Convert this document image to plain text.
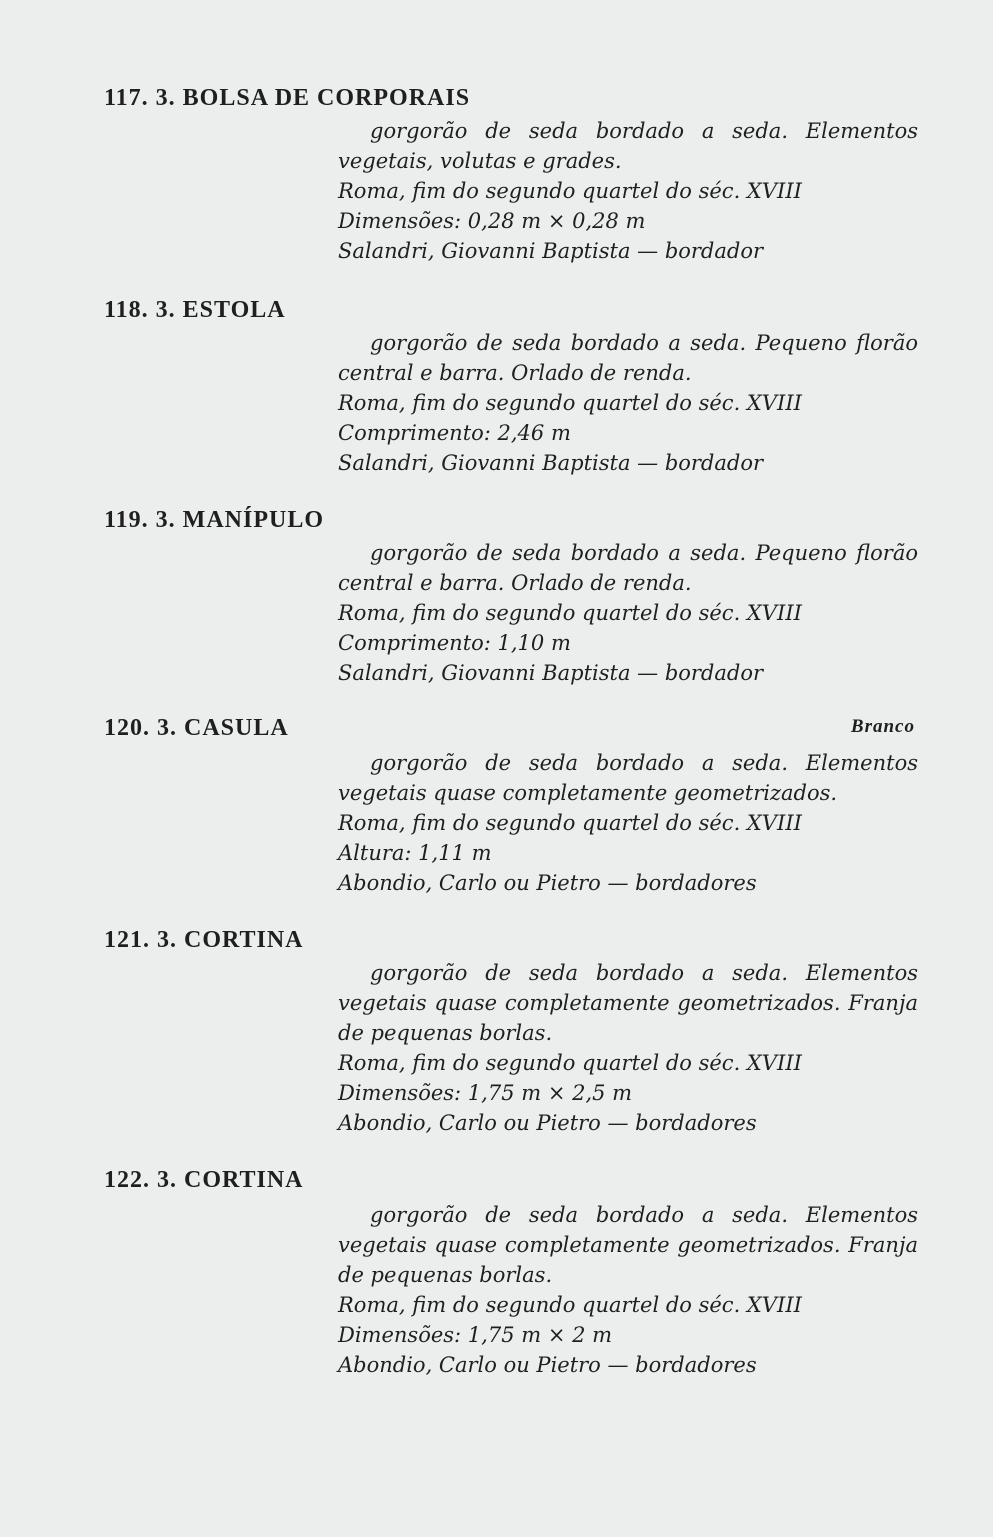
117. 3. BOLSA DE CORPORAIS
gorgorão de seda bordado a seda. Elementos vegetais, volutas e grades.
Roma, fim do segundo quartel do séc. XVIII
Dimensões: 0,28 m × 0,28 m
Salandri, Giovanni Baptista — bordador
118. 3. ESTOLA
gorgorão de seda bordado a seda. Pequeno florão central e barra. Orlado de renda.
Roma, fim do segundo quartel do séc. XVIII
Comprimento: 2,46 m
Salandri, Giovanni Baptista — bordador
119. 3. MANÍPULO
gorgorão de seda bordado a seda. Pequeno florão central e barra. Orlado de renda.
Roma, fim do segundo quartel do séc. XVIII
Comprimento: 1,10 m
Salandri, Giovanni Baptista — bordador
120. 3. CASULA	Branco
gorgorão de seda bordado a seda. Elementos vegetais quase completamente geometrizados.
Roma, fim do segundo quartel do séc. XVIII
Altura: 1,11 m
Abondio, Carlo ou Pietro — bordadores
121. 3. CORTINA
gorgorão de seda bordado a seda. Elementos vegetais quase completamente geometrizados. Franja de pequenas borlas.
Roma, fim do segundo quartel do séc. XVIII
Dimensões: 1,75 m × 2,5 m
Abondio, Carlo ou Pietro — bordadores
122. 3. CORTINA
gorgorão de seda bordado a seda. Elementos vegetais quase completamente geometrizados. Franja de pequenas borlas.
Roma, fim do segundo quartel do séc. XVIII
Dimensões: 1,75 m × 2 m
Abondio, Carlo ou Pietro — bordadores
